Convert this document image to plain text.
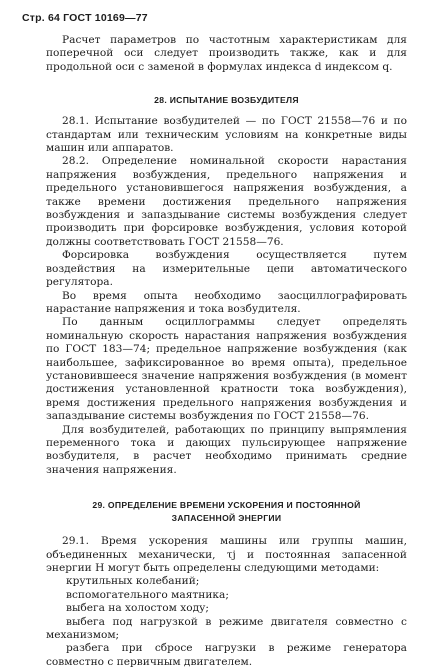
Стр. 64 ГОСТ 10169—77

Расчет параметров по частотным характеристикам для поперечной оси следует производить также, как и для продольной оси с заменой в формулах индекса d индексом q.

28. ИСПЫТАНИЕ ВОЗБУДИТЕЛЯ

28.1. Испытание возбудителей — по ГОСТ 21558—76 и по стандартам или техническим условиям на конкретные виды машин или аппаратов.

28.2. Определение номинальной скорости нарастания напряжения возбуждения, предельного напряжения и предельного установившегося напряжения возбуждения, а также времени достижения предельного напряжения возбуждения и запаздывание системы возбуждения следует производить при форсировке возбуждения, условия которой должны соответствовать ГОСТ 21558—76.

Форсировка возбуждения осуществляется путем воздействия на измерительные цепи автоматического регулятора.

Во время опыта необходимо заосциллографировать нарастание напряжения и тока возбудителя.

По данным осциллограммы следует определять номинальную скорость нарастания напряжения возбуждения по ГОСТ 183—74; предельное напряжение возбуждения (как наибольшее, зафиксированное во время опыта), предельное установившееся значение напряжения возбуждения (в момент достижения установленной кратности тока возбуждения), время достижения предельного напряжения возбуждения и запаздывание системы возбуждения по ГОСТ 21558—76.

Для возбудителей, работающих по принципу выпрямления переменного тока и дающих пульсирующее напряжение возбудителя, в расчет необходимо принимать средние значения напряжения.

29. ОПРЕДЕЛЕНИЕ ВРЕМЕНИ УСКОРЕНИЯ И ПОСТОЯННОЙ

ЗАПАСЕННОЙ ЭНЕРГИИ

29.1. Время ускорения машины или группы машин, объединенных механически, τj и постоянная запасенной энергии H могут быть определены следующими методами:

крутильных колебаний;

вспомогательного маятника;

выбега на холостом ходу;

выбега под нагрузкой в режиме двигателя совместно с механизмом;

разбега при сбросе нагрузки в режиме генератора совместно с первичным двигателем.
